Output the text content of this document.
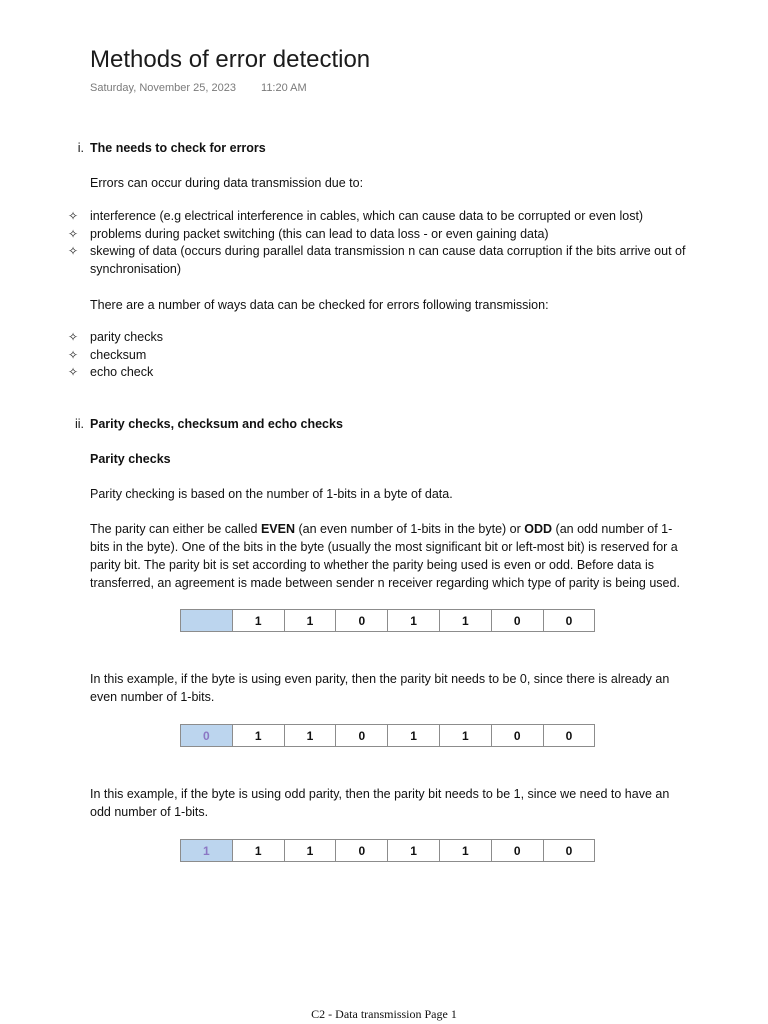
Methods of error detection
Saturday, November 25, 2023 11:20 AM
i. The needs to check for errors
Errors can occur during data transmission due to:
✧ interference (e.g electrical interference in cables, which can cause data to be corrupted or even lost)
✧ problems during packet switching (this can lead to data loss - or even gaining data)
✧ skewing of data (occurs during parallel data transmission n can cause data corruption if the bits arrive out of synchronisation)
There are a number of ways data can be checked for errors following transmission:
✧ parity checks
✧ checksum
✧ echo check
ii. Parity checks, checksum and echo checks
Parity checks
Parity checking is based on the number of 1-bits in a byte of data.
The parity can either be called EVEN (an even number of 1-bits in the byte) or ODD (an odd number of 1-bits in the byte). One of the bits in the byte (usually the most significant bit or left-most bit) is reserved for a parity bit. The parity bit is set according to whether the parity being used is even or odd. Before data is transferred, an agreement is made between sender n receiver regarding which type of parity is being used.
	1	1	0	1	1	0	0
In this example, if the byte is using even parity, then the parity bit needs to be 0, since there is already an even number of 1-bits.
0	1	1	0	1	1	0	0
In this example, if the byte is using odd parity, then the parity bit needs to be 1, since we need to have an odd number of 1-bits.
1	1	1	0	1	1	0	0
C2 - Data transmission Page 1
